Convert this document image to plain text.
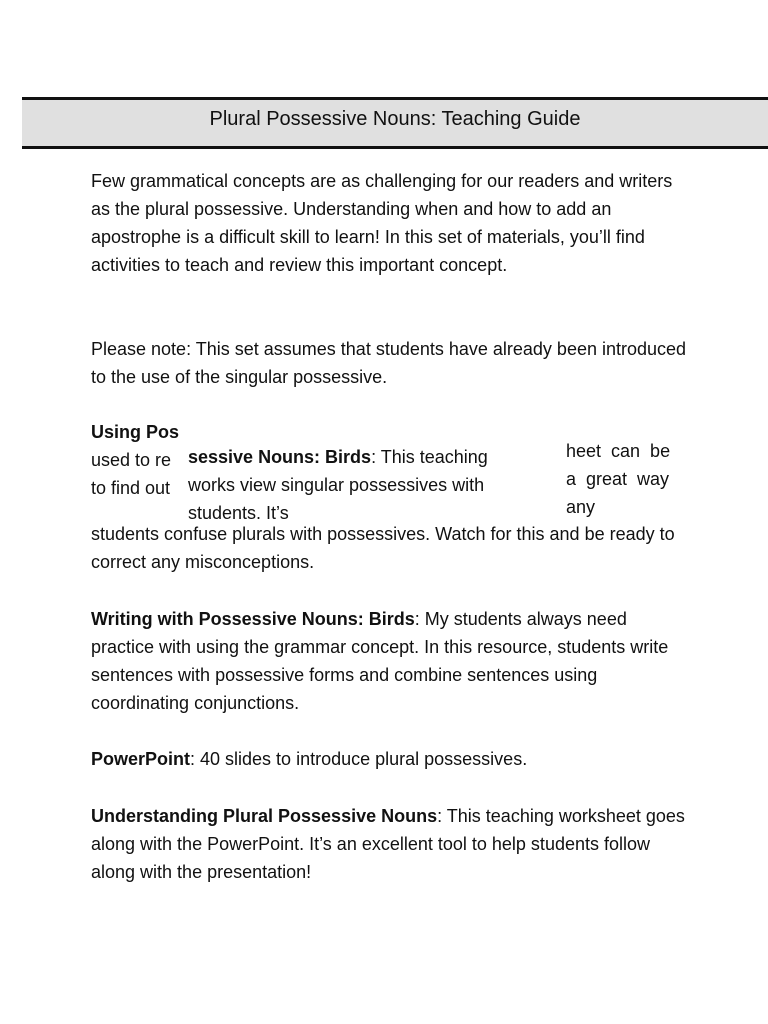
Plural Possessive Nouns: Teaching Guide

Few grammatical concepts are as challenging for our readers and writers as the plural possessive. Understanding when and how to add an apostrophe is a difficult skill to learn! In this set of materials, you’ll find activities to teach and review this important concept.

Please note: This set assumes that students have already been introduced to the use of the singular possessive.

Using Pos
used to re
to find out
sessive Nouns: Birds: This teaching
works view singular possessives with
students. It’s
heet  can  be
a  great  way
any

students confuse plurals with possessives. Watch for this and be ready to correct any misconceptions.

Writing with Possessive Nouns: Birds: My students always need practice with using the grammar concept. In this resource, students write sentences with possessive forms and combine sentences using coordinating conjunctions.

PowerPoint: 40 slides to introduce plural possessives.

Understanding Plural Possessive Nouns: This teaching worksheet goes along with the PowerPoint. It’s an excellent tool to help students follow along with the presentation!
